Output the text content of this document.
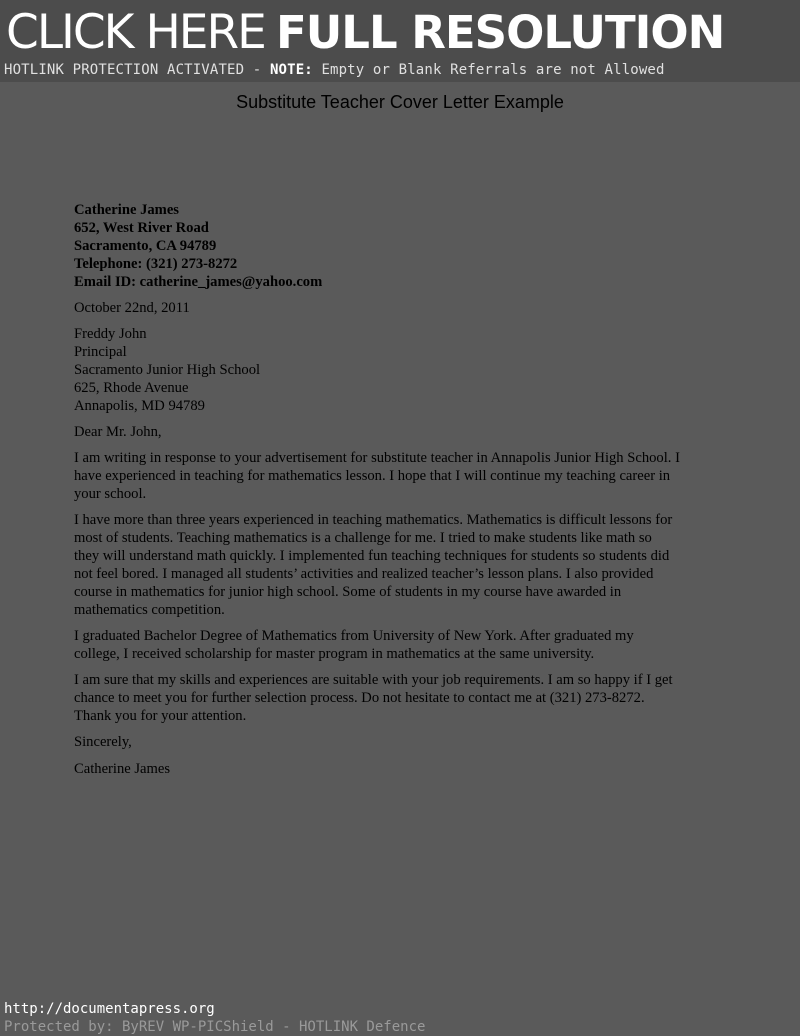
CLICK HERE FULL RESOLUTION
HOTLINK PROTECTION ACTIVATED - NOTE: Empty or Blank Referrals are not Allowed
Substitute Teacher Cover Letter Example
Catherine James
652, West River Road
Sacramento, CA 94789
Telephone: (321) 273-8272
Email ID: catherine_james@yahoo.com
October 22nd, 2011
Freddy John
Principal
Sacramento Junior High School
625, Rhode Avenue
Annapolis, MD 94789
Dear Mr. John,
I am writing in response to your advertisement for substitute teacher in Annapolis Junior High School. I
have experienced in teaching for mathematics lesson. I hope that I will continue my teaching career in
your school.
I have more than three years experienced in teaching mathematics. Mathematics is difficult lessons for
most of students. Teaching mathematics is a challenge for me. I tried to make students like math so
they will understand math quickly. I implemented fun teaching techniques for students so students did
not feel bored. I managed all students’ activities and realized teacher’s lesson plans. I also provided
course in mathematics for junior high school. Some of students in my course have awarded in
mathematics competition.
I graduated Bachelor Degree of Mathematics from University of New York. After graduated my
college, I received scholarship for master program in mathematics at the same university.
I am sure that my skills and experiences are suitable with your job requirements. I am so happy if I get
chance to meet you for further selection process. Do not hesitate to contact me at (321) 273-8272.
Thank you for your attention.
Sincerely,
Catherine James
http://documentapress.org
Protected by: ByREV WP-PICShield - HOTLINK Defence
